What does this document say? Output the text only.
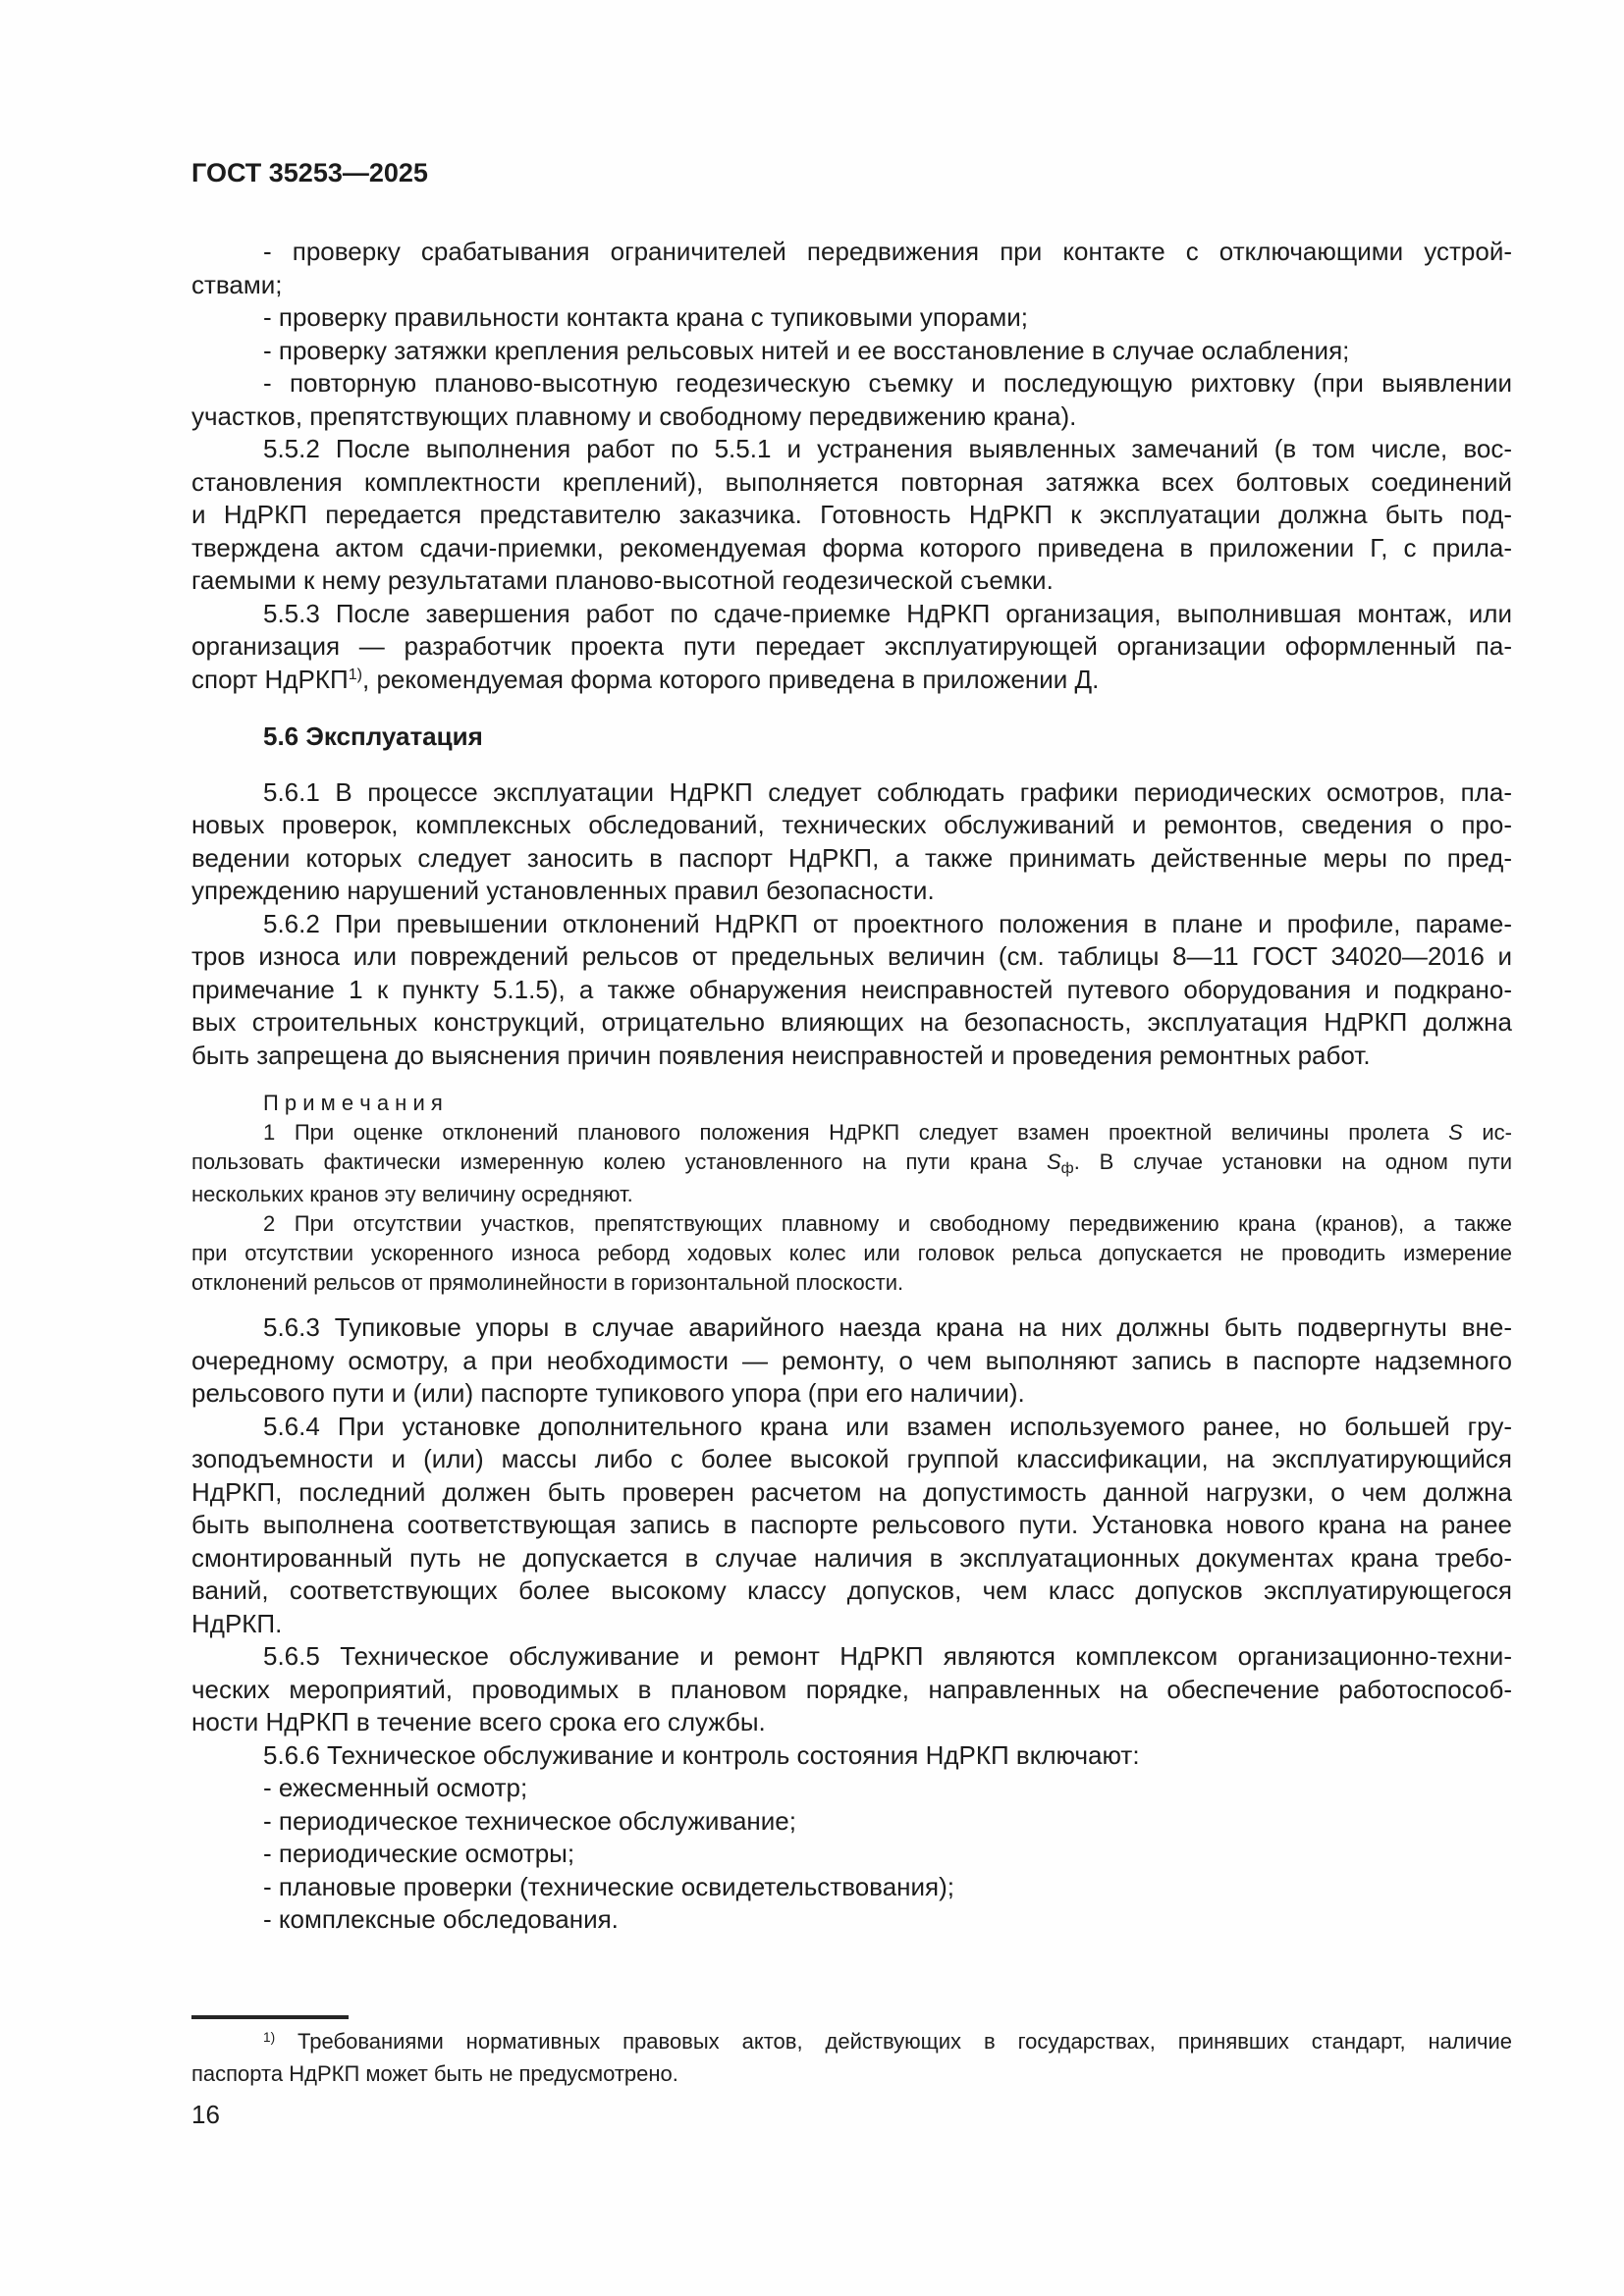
ГОСТ 35253—2025
- проверку срабатывания ограничителей передвижения при контакте с отключающими устрой-
ствами;
- проверку правильности контакта крана с тупиковыми упорами;
- проверку затяжки крепления рельсовых нитей и ее восстановление в случае ослабления;
- повторную планово-высотную геодезическую съемку и последующую рихтовку (при выявлении
участков, препятствующих плавному и свободному передвижению крана).
5.5.2 После выполнения работ по 5.5.1 и устранения выявленных замечаний (в том числе, вос-
становления комплектности креплений), выполняется повторная затяжка всех болтовых соединений
и НдРКП передается представителю заказчика. Готовность НдРКП к эксплуатации должна быть под-
тверждена актом сдачи-приемки, рекомендуемая форма которого приведена в приложении Г, с прила-
гаемыми к нему результатами планово-высотной геодезической съемки.
5.5.3 После завершения работ по сдаче-приемке НдРКП организация, выполнившая монтаж, или
организация — разработчик проекта пути передает эксплуатирующей организации оформленный па-
спорт НдРКП$^{1)}$, рекомендуемая форма которого приведена в приложении Д.
5.6 Эксплуатация
5.6.1 В процессе эксплуатации НдРКП следует соблюдать графики периодических осмотров, пла-
новых проверок, комплексных обследований, технических обслуживаний и ремонтов, сведения о про-
ведении которых следует заносить в паспорт НдРКП, а также принимать действенные меры по пред-
упреждению нарушений установленных правил безопасности.
5.6.2 При превышении отклонений НдРКП от проектного положения в плане и профиле, параме-
тров износа или повреждений рельсов от предельных величин (см. таблицы 8—11 ГОСТ 34020—2016 и
примечание 1 к пункту 5.1.5), а также обнаружения неисправностей путевого оборудования и подкрано-
вых строительных конструкций, отрицательно влияющих на безопасность, эксплуатация НдРКП должна
быть запрещена до выяснения причин появления неисправностей и проведения ремонтных работ.
П р и м е ч а н и я
1 При оценке отклонений планового положения НдРКП следует взамен проектной величины пролета S ис-
пользовать фактически измеренную колею установленного на пути крана $S_ф$. В случае установки на одном пути
нескольких кранов эту величину осредняют.
2 При отсутствии участков, препятствующих плавному и свободному передвижению крана (кранов), а также
при отсутствии ускоренного износа реборд ходовых колес или головок рельса допускается не проводить измерение
отклонений рельсов от прямолинейности в горизонтальной плоскости.
5.6.3 Тупиковые упоры в случае аварийного наезда крана на них должны быть подвергнуты вне-
очередному осмотру, а при необходимости — ремонту, о чем выполняют запись в паспорте надземного
рельсового пути и (или) паспорте тупикового упора (при его наличии).
5.6.4 При установке дополнительного крана или взамен используемого ранее, но большей гру-
зоподъемности и (или) массы либо с более высокой группой классификации, на эксплуатирующийся
НдРКП, последний должен быть проверен расчетом на допустимость данной нагрузки, о чем должна
быть выполнена соответствующая запись в паспорте рельсового пути. Установка нового крана на ранее
смонтированный путь не допускается в случае наличия в эксплуатационных документах крана требо-
ваний, соответствующих более высокому классу допусков, чем класс допусков эксплуатирующегося
НдРКП.
5.6.5 Техническое обслуживание и ремонт НдРКП являются комплексом организационно-техни-
ческих мероприятий, проводимых в плановом порядке, направленных на обеспечение работоспособ-
ности НдРКП в течение всего срока его службы.
5.6.6 Техническое обслуживание и контроль состояния НдРКП включают:
- ежесменный осмотр;
- периодическое техническое обслуживание;
- периодические осмотры;
- плановые проверки (технические освидетельствования);
- комплексные обследования.
$^{1)}$ Требованиями нормативных правовых актов, действующих в государствах, принявших стандарт, наличие
паспорта НдРКП может быть не предусмотрено.
16
